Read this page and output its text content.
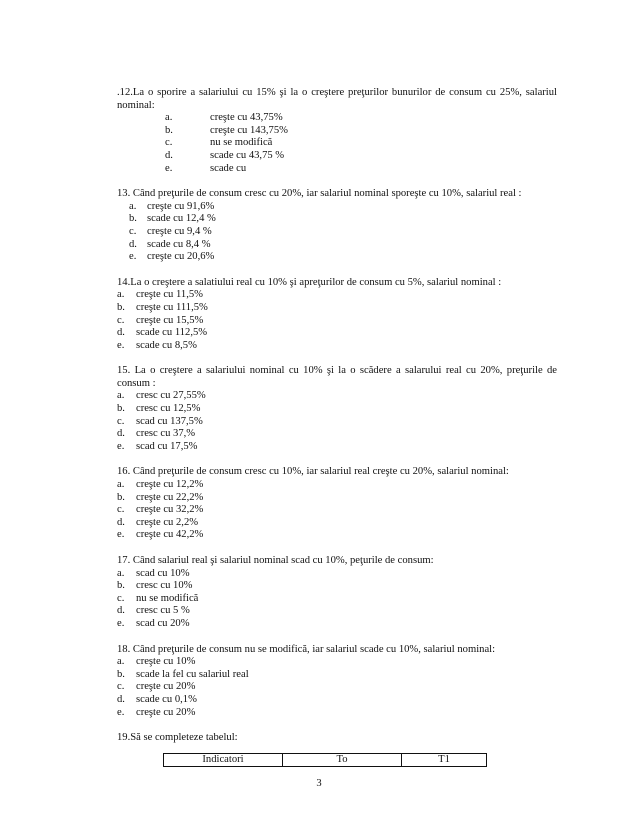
.12.La o sporire a salariului cu 15% şi la o creştere preţurilor bunurilor de consum cu 25%, salariul nominal:

a.	creşte cu 43,75%
b.	creşte cu 143,75%
c.	nu se modifică
d.	scade cu 43,75 %
e.	scade cu

13. Când preţurile de consum cresc cu 20%, iar salariul nominal sporeşte cu 10%, salariul real :

a.	creşte cu 91,6%
b. scade cu 12,4 %
c.	creşte cu 9,4 %
d. scade cu 8,4 %
e.	creşte cu 20,6%

14.La o creştere a salatiului real cu 10% şi apreţurilor de consum cu 5%, salariul nominal :

a.	creşte cu 11,5%
b.	creşte cu 111,5%
c.	creşte cu 15,5%
d.	scade cu 112,5%
e.	scade cu 8,5%

15. La o creştere a salariului nominal cu 10% şi la o scădere a salarului real cu 20%, preţurile de consum :

a.	cresc cu 27,55%
b.	cresc cu 12,5%
c.	scad cu 137,5%
d.	cresc cu 37,%
e.	scad cu 17,5%

16. Când preţurile de consum cresc cu 10%, iar salariul real creşte cu 20%, salariul nominal:

a.	creşte cu 12,2%
b.	creşte cu 22,2%
c.	creşte cu 32,2%
d.	creşte cu 2,2%
e.	creşte cu 42,2%

17. Când salariul real şi salariul nominal scad cu 10%, peţurile de consum:

a.	scad cu 10%
b.	cresc cu 10%
c.	nu se modifică
d.	cresc cu 5 %
e.	scad cu 20%

18. Când preţurile de consum nu se modifică, iar salariul scade cu 10%, salariul nominal:

a.	creşte cu 10%
b.	scade la fel cu salariul real
c.	creşte cu 20%
d.	scade cu 0,1%
e.	creşte cu 20%

19.Să se completeze tabelul:

Indicatori	To	T1
3
